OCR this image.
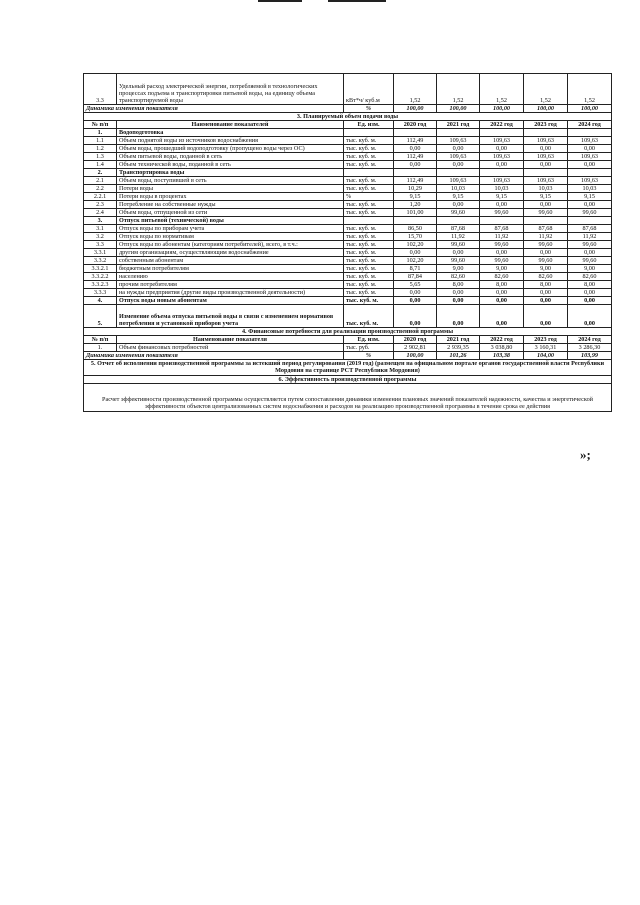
3.3	Удельный расход электрической энергии, потребляемой в технологических процессах подъема и транспортировки питьевой воды, на единицу объема транспортируемой воды	кВт*ч/ куб.м	1,52	1,52	1,52	1,52	1,52
Динамика изменения показателя		%	100,00	100,00	100,00	100,00	100,00
3. Планируемый объем подачи воды							
№ п/п	Наименование показателей	Ед. изм.	2020 год	2021 год	2022 год	2023 год	2024 год
1.	Водоподготовка						
1.1	Объем поднятой воды из источников водоснабжения	тыс. куб. м.	112,49	109,63	109,63	109,63	109,63
1.2	Объем воды, прошедший водоподготовку (пропущено воды через ОС)	тыс. куб. м.	0,00	0,00	0,00	0,00	0,00
1.3	Объем питьевой воды, поданной в сеть	тыс. куб. м.	112,49	109,63	109,63	109,63	109,63
1.4	Объем технической воды, поданной в сеть	тыс. куб. м.	0,00	0,00	0,00	0,00	0,00
2.	Транспортировка воды						
2.1	Объем воды, поступившей в сеть	тыс. куб. м.	112,49	109,63	109,63	109,63	109,63
2.2	Потери воды	тыс. куб. м.	10,29	10,03	10,03	10,03	10,03
2.2.1	Потери воды в процентах	%	9,15	9,15	9,15	9,15	9,15
2.3	Потребление на собственные нужды	тыс. куб. м.	1,20	0,00	0,00	0,00	0,00
2.4	Объем воды, отпущенной из сети	тыс. куб. м.	101,00	99,60	99,60	99,60	99,60
3.	Отпуск питьевой (технической) воды						
3.1	Отпуск воды по приборам учета	тыс. куб. м.	86,50	87,68	87,68	87,68	87,68
3.2	Отпуск воды по нормативам	тыс. куб. м.	15,70	11,92	11,92	11,92	11,92
3.3	Отпуск воды по абонентам (категориям потребителей), всего, в т.ч.:	тыс. куб. м.	102,20	99,60	99,60	99,60	99,60
3.3.1	другим организациям, осуществляющим водоснабжение	тыс. куб. м.	0,00	0,00	0,00	0,00	0,00
3.3.2	собственным абонентам	тыс. куб. м.	102,20	99,60	99,60	99,60	99,60
3.3.2.1	бюджетным потребителям	тыс. куб. м.	8,71	9,00	9,00	9,00	9,00
3.3.2.2	населению	тыс. куб. м.	87,84	82,60	82,60	82,60	82,60
3.3.2.3	прочим потребителям	тыс. куб. м.	5,65	8,00	8,00	8,00	8,00
3.3.3	на нужды предприятия (другие виды производственной деятельности)	тыс. куб. м.	0,00	0,00	0,00	0,00	0,00
4.	Отпуск воды новым абонентам	тыс. куб. м.	0,00	0,00	0,00	0,00	0,00
5.	Изменение объема отпуска питьевой воды в связи с изменением нормативов потребления и установкой приборов учета	тыс. куб. м.	0,00	0,00	0,00	0,00	0,00
4. Финансовые потребности для реализации производственной программы							
№ п/п	Наименование показателя	Ед. изм.	2020 год	2021 год	2022 год	2023 год	2024 год
1.	Объем финансовых потребностей	тыс. руб.	2 902,81	2 939,35	3 038,80	3 160,31	3 286,30
Динамика изменения показателя		%	100,00	101,26	103,38	104,00	103,99
5. Отчет об исполнении производственной программы за истекший период регулирования (2019 год) (размещен на официальном портале органов государственной власти Республики Мордовия на странице РСТ Республики Мордовия)							
6. Эффективность производственной программы							
Расчет эффективности производственной программы осуществляется путем сопоставления динамики изменения плановых значений показателей надежности, качества и энергетической эффективности объектов централизованных систем водоснабжения и расходов на реализацию производственной программы в течение срока ее действия							
»;
